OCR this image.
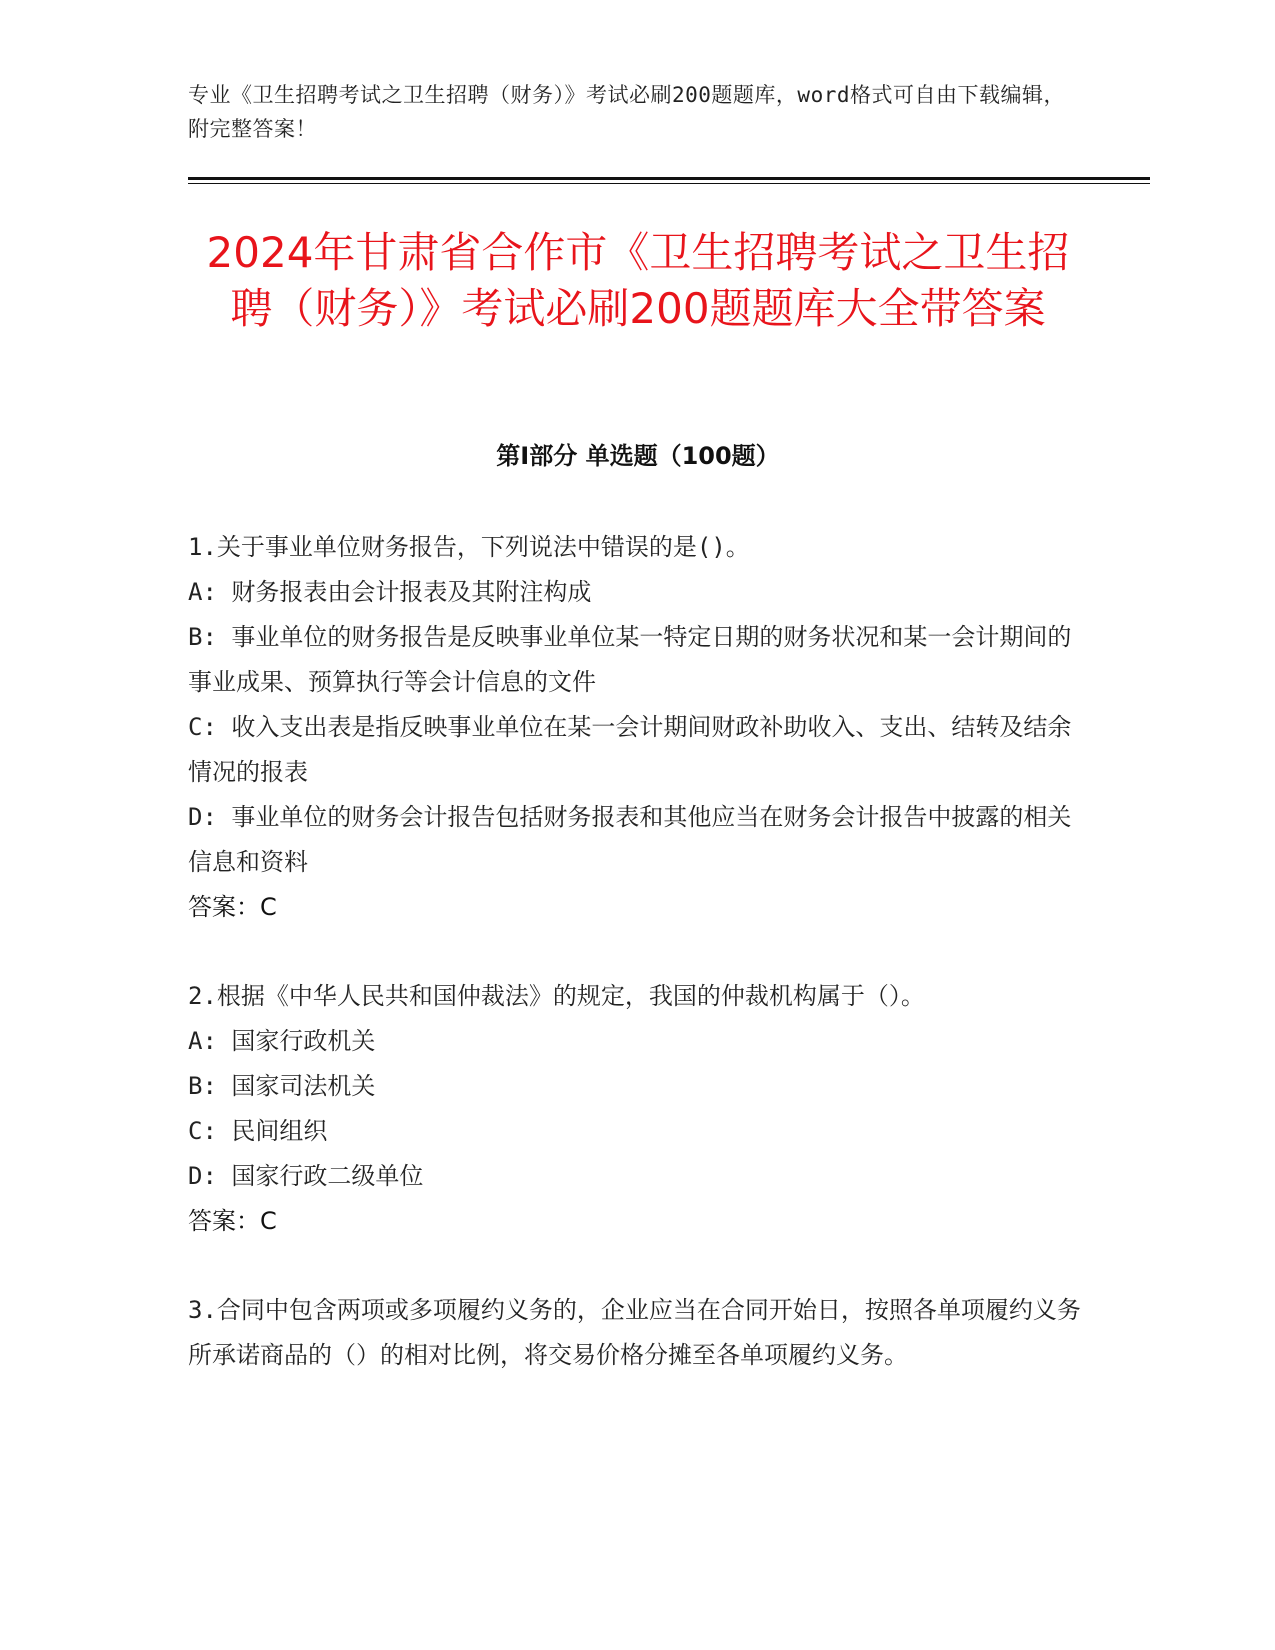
专业《卫生招聘考试之卫生招聘（财务）》考试必刷200题题库，word格式可自由下载编辑，附完整答案！
2024年甘肃省合作市《卫生招聘考试之卫生招聘（财务）》考试必刷200题题库大全带答案
第Ⅰ部分 单选题（100题）

1.关于事业单位财务报告，下列说法中错误的是()。

A: 财务报表由会计报表及其附注构成

B: 事业单位的财务报告是反映事业单位某一特定日期的财务状况和某一会计期间的事业成果、预算执行等会计信息的文件

C: 收入支出表是指反映事业单位在某一会计期间财政补助收入、支出、结转及结余情况的报表

D: 事业单位的财务会计报告包括财务报表和其他应当在财务会计报告中披露的相关信息和资料

答案：C

2.根据《中华人民共和国仲裁法》的规定，我国的仲裁机构属于（）。

A: 国家行政机关

B: 国家司法机关

C: 民间组织

D: 国家行政二级单位

答案：C

3.合同中包含两项或多项履约义务的，企业应当在合同开始日，按照各单项履约义务所承诺商品的（）的相对比例，将交易价格分摊至各单项履约义务。
